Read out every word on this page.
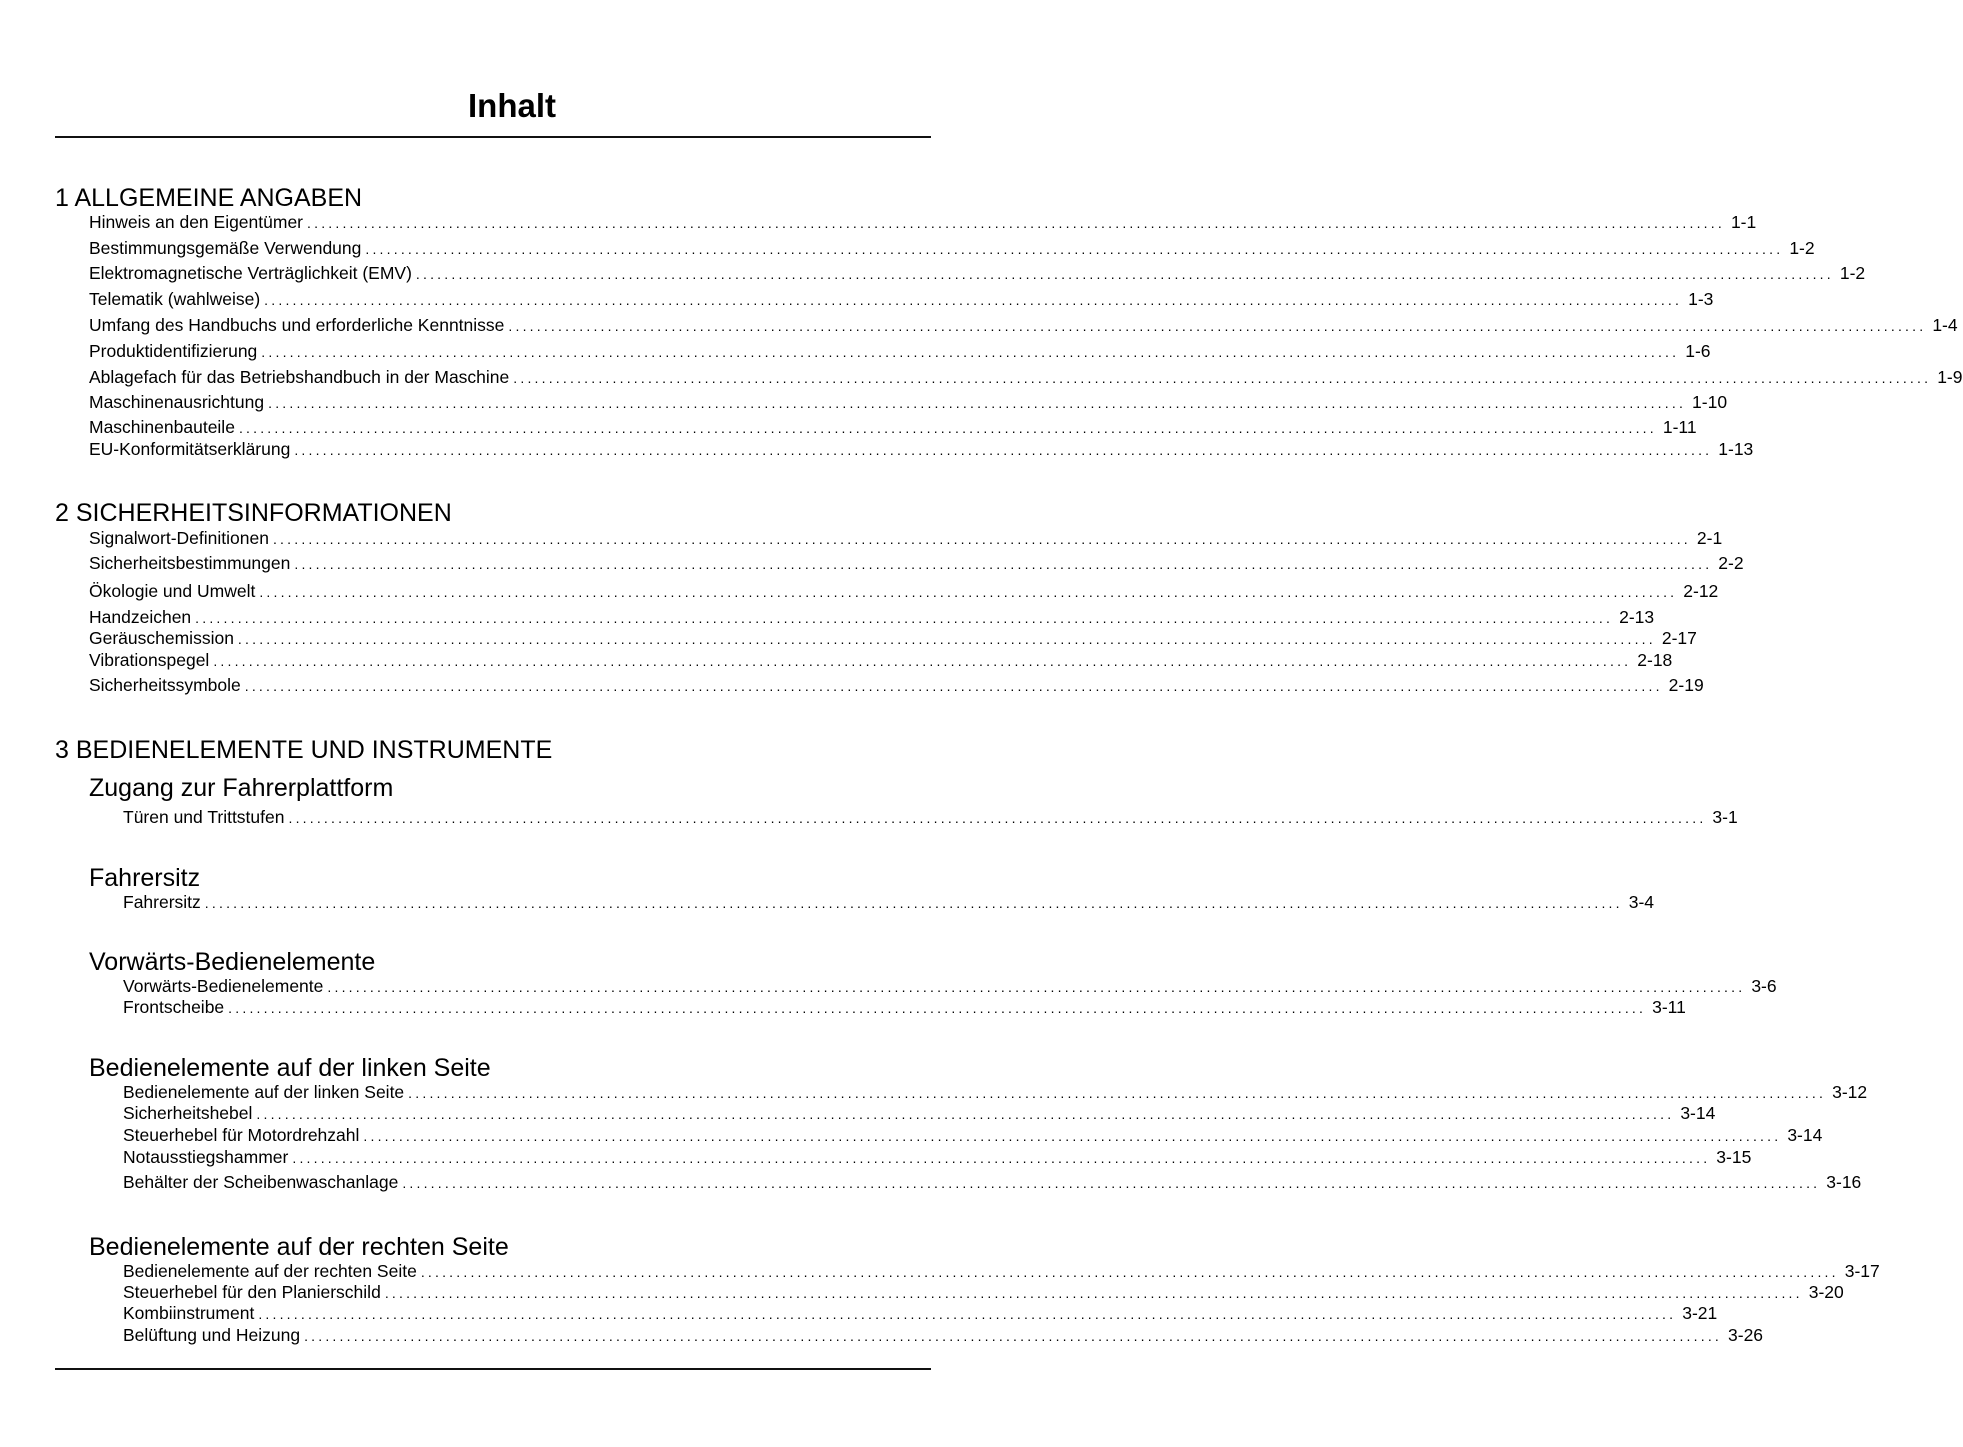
Inhalt
1 ALLGEMEINE ANGABEN
Hinweis an den Eigentümer ........................................................................................................................................................................................................ 1-1
Bestimmungsgemäße Verwendung ........................................................................................................................................................................................................ 1-2
Elektromagnetische Verträglichkeit (EMV) ........................................................................................................................................................................................................ 1-2
Telematik (wahlweise) ........................................................................................................................................................................................................ 1-3
Umfang des Handbuchs und erforderliche Kenntnisse ........................................................................................................................................................................................................ 1-4
Produktidentifizierung ........................................................................................................................................................................................................ 1-6
Ablagefach für das Betriebshandbuch in der Maschine ........................................................................................................................................................................................................ 1-9
Maschinenausrichtung ........................................................................................................................................................................................................ 1-10
Maschinenbauteile ........................................................................................................................................................................................................ 1-11
EU-Konformitätserklärung ........................................................................................................................................................................................................ 1-13
2 SICHERHEITSINFORMATIONEN
Signalwort-Definitionen ........................................................................................................................................................................................................ 2-1
Sicherheitsbestimmungen ........................................................................................................................................................................................................ 2-2
Ökologie und Umwelt ........................................................................................................................................................................................................ 2-12
Handzeichen ........................................................................................................................................................................................................ 2-13
Geräuschemission ........................................................................................................................................................................................................ 2-17
Vibrationspegel ........................................................................................................................................................................................................ 2-18
Sicherheitssymbole ........................................................................................................................................................................................................ 2-19
3 BEDIENELEMENTE UND INSTRUMENTE
Zugang zur Fahrerplattform
Türen und Trittstufen ........................................................................................................................................................................................................ 3-1
Fahrersitz
Fahrersitz ........................................................................................................................................................................................................ 3-4
Vorwärts-Bedienelemente
Vorwärts-Bedienelemente ........................................................................................................................................................................................................ 3-6
Frontscheibe ........................................................................................................................................................................................................ 3-11
Bedienelemente auf der linken Seite
Bedienelemente auf der linken Seite ........................................................................................................................................................................................................ 3-12
Sicherheitshebel ........................................................................................................................................................................................................ 3-14
Steuerhebel für Motordrehzahl ........................................................................................................................................................................................................ 3-14
Notausstiegshammer ........................................................................................................................................................................................................ 3-15
Behälter der Scheibenwaschanlage ........................................................................................................................................................................................................ 3-16
Bedienelemente auf der rechten Seite
Bedienelemente auf der rechten Seite ........................................................................................................................................................................................................ 3-17
Steuerhebel für den Planierschild ........................................................................................................................................................................................................ 3-20
Kombiinstrument ........................................................................................................................................................................................................ 3-21
Belüftung und Heizung ........................................................................................................................................................................................................ 3-26
